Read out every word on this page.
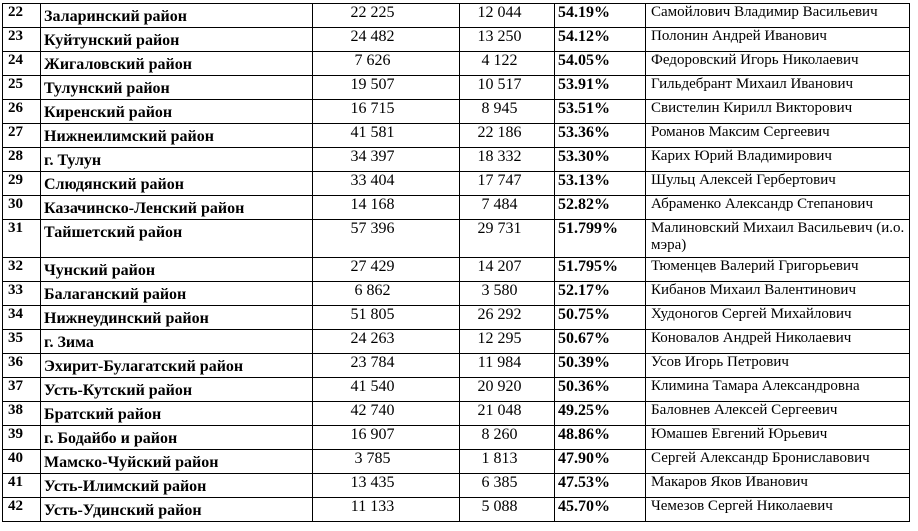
22	Заларинский район	22 225	12 044	54.19%	Самойлович Владимир Васильевич
23	Куйтунский район	24 482	13 250	54.12%	Полонин Андрей Иванович
24	Жигаловский район	7 626	4 122	54.05%	Федоровский Игорь Николаевич
25	Тулунский район	19 507	10 517	53.91%	Гильдебрант Михаил Иванович
26	Киренский район	16 715	8 945	53.51%	Свистелин Кирилл Викторович
27	Нижнеилимский район	41 581	22 186	53.36%	Романов Максим Сергеевич
28	г. Тулун	34 397	18 332	53.30%	Карих Юрий Владимирович
29	Слюдянский район	33 404	17 747	53.13%	Шульц Алексей Гербертович
30	Казачинско-Ленский район	14 168	7 484	52.82%	Абраменко Александр Степанович
31	Тайшетский район	57 396	29 731	51.799%	Малиновский Михаил Васильевич (и.о. мэра)
32	Чунский район	27 429	14 207	51.795%	Тюменцев Валерий Григорьевич
33	Балаганский район	6 862	3 580	52.17%	Кибанов Михаил Валентинович
34	Нижнеудинский район	51 805	26 292	50.75%	Худоногов Сергей Михайлович
35	г. Зима	24 263	12 295	50.67%	Коновалов Андрей Николаевич
36	Эхирит-Булагатский район	23 784	11 984	50.39%	Усов Игорь Петрович
37	Усть-Кутский район	41 540	20 920	50.36%	Климина Тамара Александровна
38	Братский район	42 740	21 048	49.25%	Баловнев Алексей Сергеевич
39	г. Бодайбо и район	16 907	8 260	48.86%	Юмашев Евгений Юрьевич
40	Мамско-Чуйский район	3 785	1 813	47.90%	Сергей Александр Брониславович
41	Усть-Илимский район	13 435	6 385	47.53%	Макаров Яков Иванович
42	Усть-Удинский район	11 133	5 088	45.70%	Чемезов Сергей Николаевич
